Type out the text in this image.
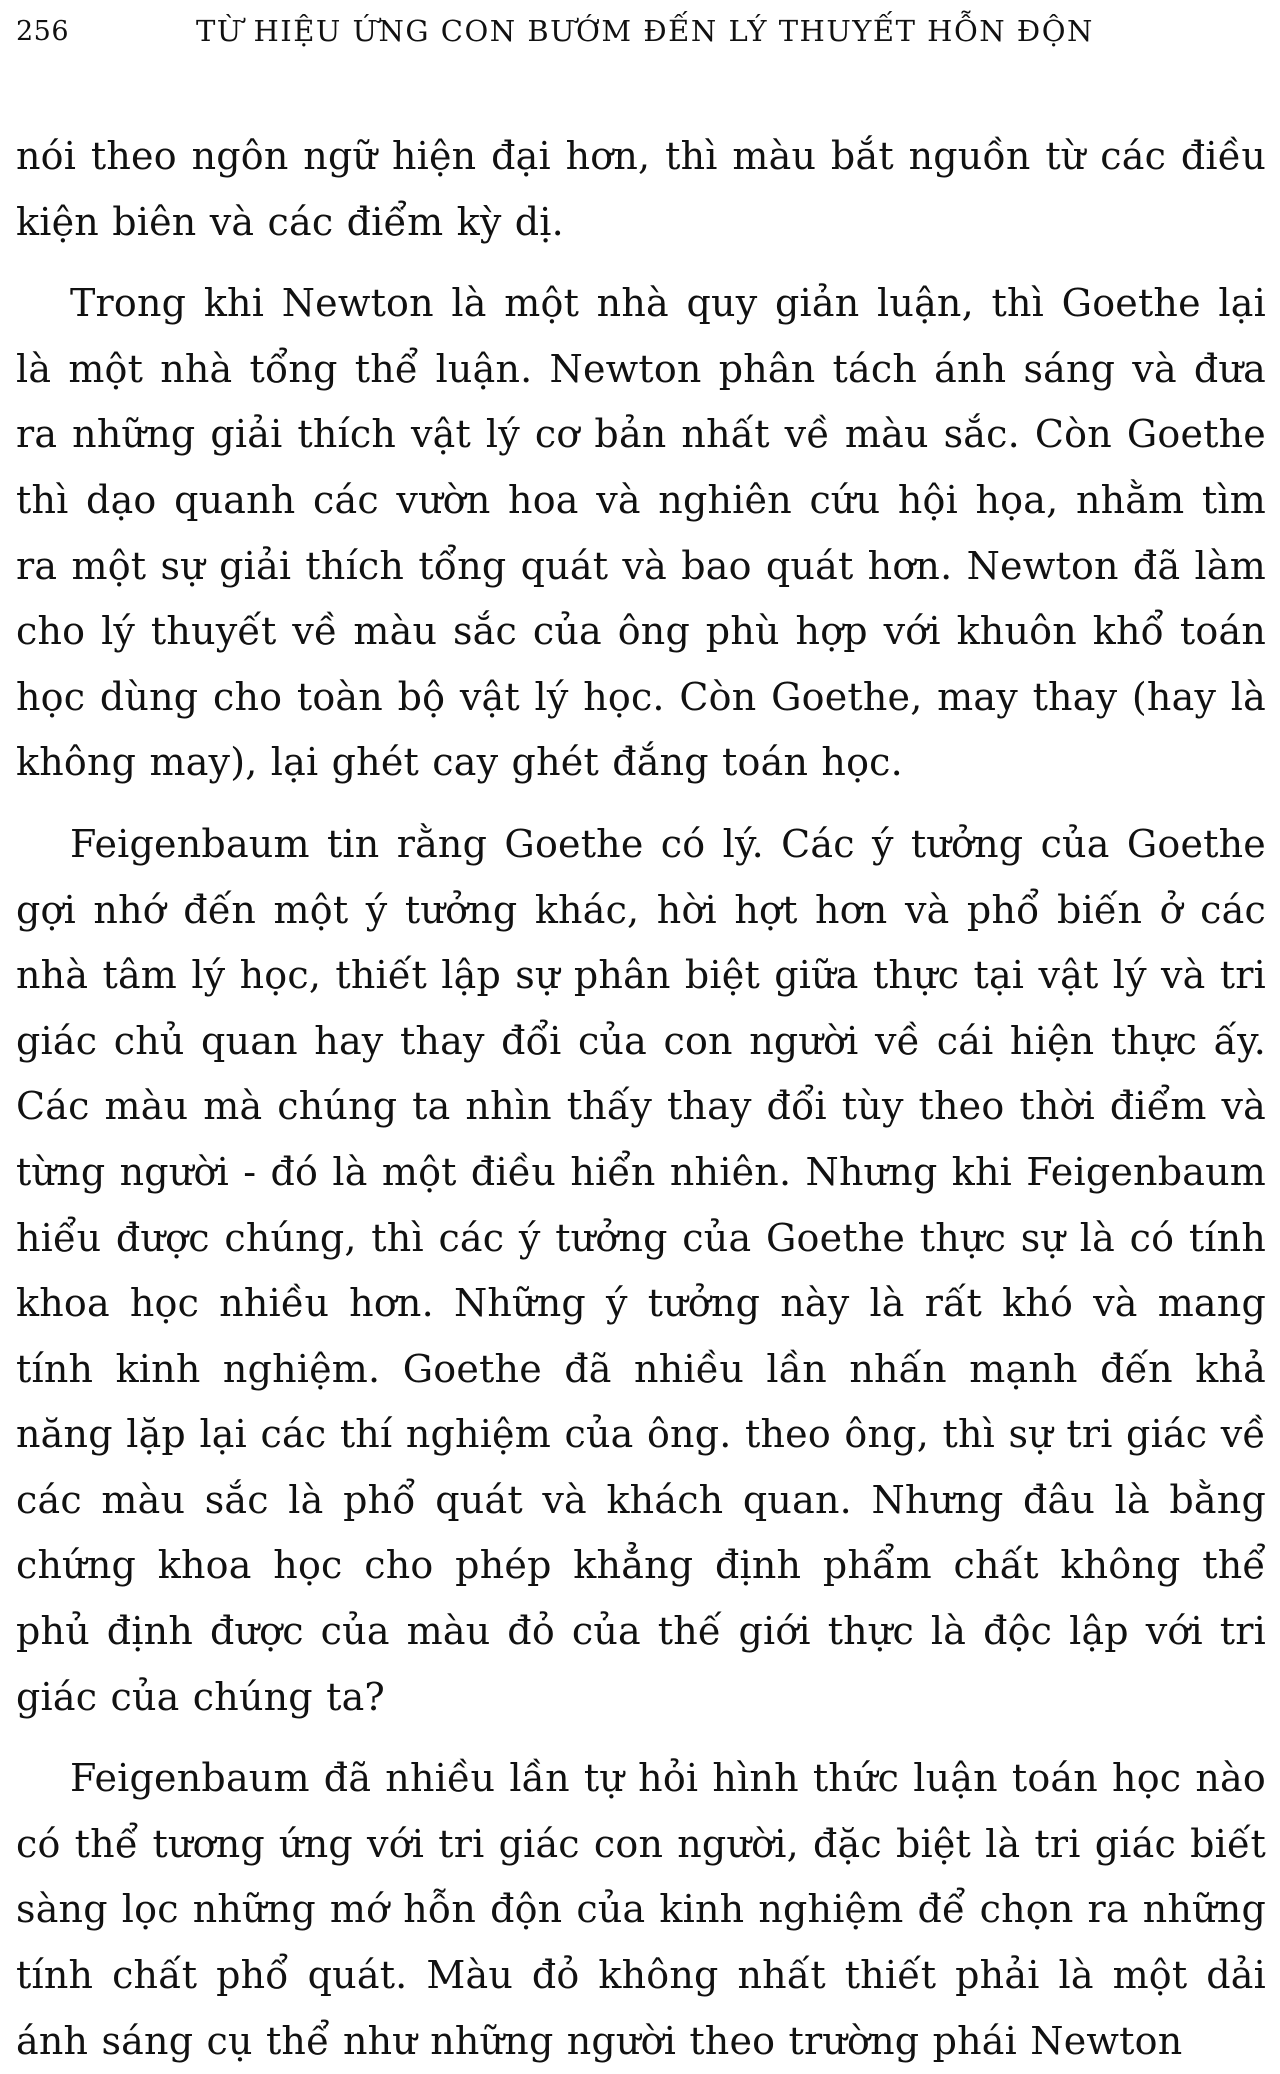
256	TỪ HIỆU ỨNG CON BƯỚM ĐẾN LÝ THUYẾT HỖN ĐỘN

nói theo ngôn ngữ hiện đại hơn, thì màu bắt nguồn từ các điều kiện biên và các điểm kỳ dị.

Trong khi Newton là một nhà quy giản luận, thì Goethe lại là một nhà tổng thể luận. Newton phân tách ánh sáng và đưa ra những giải thích vật lý cơ bản nhất về màu sắc. Còn Goethe thì dạo quanh các vườn hoa và nghiên cứu hội họa, nhằm tìm ra một sự giải thích tổng quát và bao quát hơn. Newton đã làm cho lý thuyết về màu sắc của ông phù hợp với khuôn khổ toán học dùng cho toàn bộ vật lý học. Còn Goethe, may thay (hay là không may), lại ghét cay ghét đắng toán học.

Feigenbaum tin rằng Goethe có lý. Các ý tưởng của Goethe gợi nhớ đến một ý tưởng khác, hời hợt hơn và phổ biến ở các nhà tâm lý học, thiết lập sự phân biệt giữa thực tại vật lý và tri giác chủ quan hay thay đổi của con người về cái hiện thực ấy. Các màu mà chúng ta nhìn thấy thay đổi tùy theo thời điểm và từng người - đó là một điều hiển nhiên. Nhưng khi Feigenbaum hiểu được chúng, thì các ý tưởng của Goethe thực sự là có tính khoa học nhiều hơn. Những ý tưởng này là rất khó và mang tính kinh nghiệm. Goethe đã nhiều lần nhấn mạnh đến khả năng lặp lại các thí nghiệm của ông. theo ông, thì sự tri giác về các màu sắc là phổ quát và khách quan. Nhưng đâu là bằng chứng khoa học cho phép khẳng định phẩm chất không thể phủ định được của màu đỏ của thế giới thực là độc lập với tri giác của chúng ta?

Feigenbaum đã nhiều lần tự hỏi hình thức luận toán học nào có thể tương ứng với tri giác con người, đặc biệt là tri giác biết sàng lọc những mớ hỗn độn của kinh nghiệm để chọn ra những tính chất phổ quát. Màu đỏ không nhất thiết phải là một dải ánh sáng cụ thể như những người theo trường phái Newton
